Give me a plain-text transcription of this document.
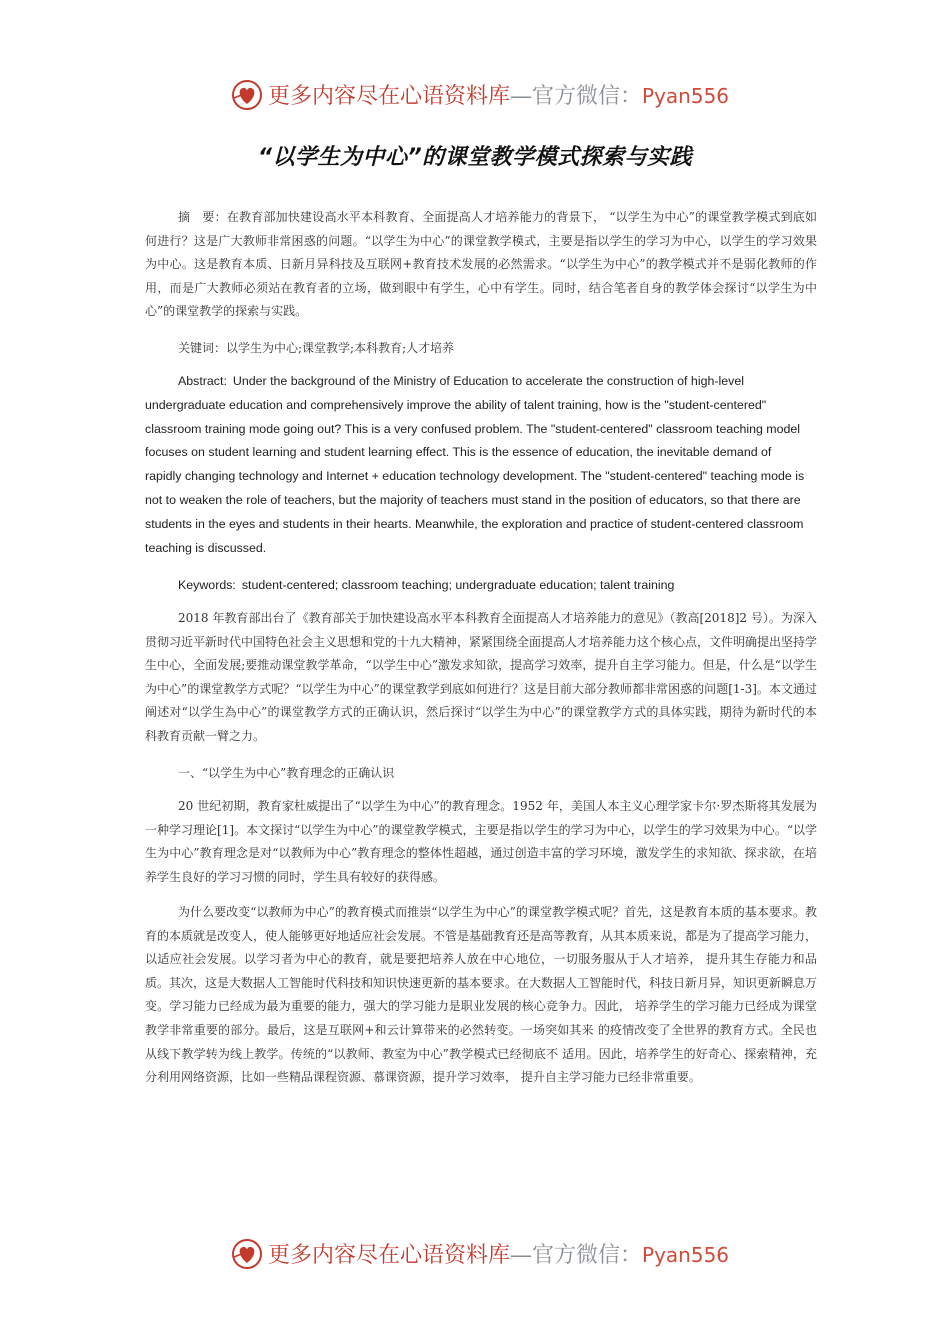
更多内容尽在心语资料库—官方微信：Pyan556
“以学生为中心”的课堂教学模式探索与实践

摘　要：在教育部加快建设高水平本科教育、全面提高人才培养能力的背景下， “以学生为中心”的课堂教学模式到底如何进行？这是广大教师非常困惑的问题。“以学生为中心”的课堂教学模式，主要是指以学生的学习为中心，以学生的学习效果为中心。这是教育本质、日新月异科技及互联网+教育技术发展的必然需求。“以学生为中心”的教学模式并不是弱化教师的作用，而是广大教师必须站在教育者的立场，做到眼中有学生，心中有学生。同时，结合笔者自身的教学体会探讨“以学生为中心”的课堂教学的探索与实践。

关键词：以学生为中心;课堂教学;本科教育;人才培养

Abstract: Under the background of the Ministry of Education to accelerate the construction of high-level undergraduate education and comprehensively improve the ability of talent training, how is the "student-centered" classroom training mode going out? This is a very confused problem. The "student-centered" classroom teaching model focuses on student learning and student learning effect. This is the essence of education, the inevitable demand of rapidly changing technology and Internet + education technology development. The "student-centered" teaching mode is not to weaken the role of teachers, but the majority of teachers must stand in the position of educators, so that there are students in the eyes and students in their hearts. Meanwhile, the exploration and practice of student-centered classroom teaching is discussed.

Keywords: student-centered; classroom teaching; undergraduate education; talent training

2018 年教育部出台了《教育部关于加快建设高水平本科教育全面提高人才培养能力的意见》（教高[2018]2 号）。为深入贯彻习近平新时代中国特色社会主义思想和党的十九大精神，紧紧围绕全面提高人才培养能力这个核心点，文件明确提出坚持学生中心，全面发展;要推动课堂教学革命，“以学生中心”激发求知欲，提高学习效率，提升自主学习能力。但是，什么是“以学生为中心”的课堂教学方式呢？“以学生为中心”的课堂教学到底如何进行？这是目前大部分教师都非常困惑的问题[1-3]。本文通过阐述对“以学生為中心”的课堂教学方式的正确认识，然后探讨“以学生为中心”的课堂教学方式的具体实践，期待为新时代的本科教育贡献一臂之力。

一、“以学生为中心”教育理念的正确认识

20 世纪初期，教育家杜威提出了“以学生为中心”的教育理念。1952 年，美国人本主义心理学家卡尔·罗杰斯将其发展为一种学习理论[1]。本文探讨“以学生为中心”的课堂教学模式，主要是指以学生的学习为中心，以学生的学习效果为中心。“以学生为中心”教育理念是对“以教师为中心”教育理念的整体性超越，通过创造丰富的学习环境，激发学生的求知欲、探求欲，在培养学生良好的学习习惯的同时，学生具有较好的获得感。

为什么要改变“以教师为中心”的教育模式而推崇“以学生为中心”的课堂教学模式呢？首先，这是教育本质的基本要求。教育的本质就是改变人，使人能够更好地适应社会发展。不管是基础教育还是高等教育，从其本质来说，都是为了提高学习能力，以适应社会发展。以学习者为中心的教育，就是要把培养人放在中心地位，一切服务服从于人才培养， 提升其生存能力和品质。其次，这是大数据人工智能时代科技和知识快速更新的基本要求。在大数据人工智能时代，科技日新月异，知识更新瞬息万变。学习能力已经成为最为重要的能力，强大的学习能力是职业发展的核心竞争力。因此， 培养学生的学习能力已经成为课堂教学非常重要的部分。最后，这是互联网+和云计算带来的必然转变。一场突如其来 的疫情改变了全世界的教育方式。全民也从线下教学转为线上教学。传统的“以教师、教室为中心”教学模式已经彻底不 适用。因此，培养学生的好奇心、探索精神，充分利用网络资源，比如一些精品课程资源、慕课资源，提升学习效率， 提升自主学习能力已经非常重要。

更多内容尽在心语资料库—官方微信：Pyan556
